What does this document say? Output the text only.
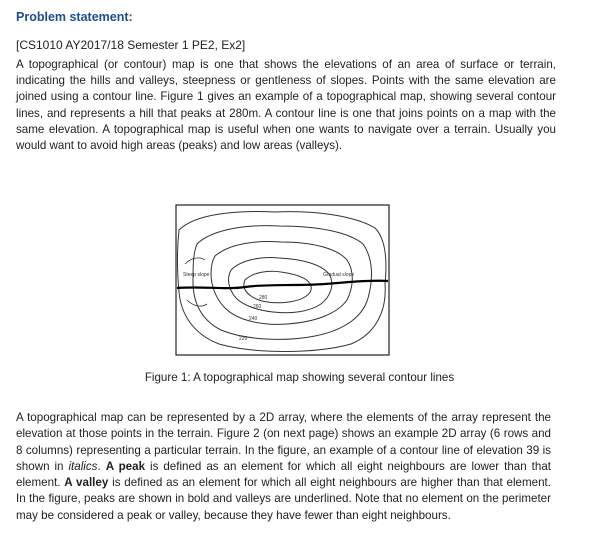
Problem statement:

[CS1010 AY2017/18 Semester 1 PE2, Ex2]

A topographical (or contour) map is one that shows the elevations of an area of surface or terrain, indicating the hills and valleys, steepness or gentleness of slopes. Points with the same elevation are joined using a contour line. Figure 1 gives an example of a topographical map, showing several contour lines, and represents a hill that peaks at 280m. A contour line is one that joins points on a map with the same elevation. A topographical map is useful when one wants to navigate over a terrain. Usually you would want to avoid high areas (peaks) and low areas (valleys).

Steep slope	Gradual slope
280
260
240
220
Figure 1: A topographical map showing several contour lines

A topographical map can be represented by a 2D array, where the elements of the array represent the elevation at those points in the terrain. Figure 2 (on next page) shows an example 2D array (6 rows and 8 columns) representing a particular terrain. In the figure, an example of a contour line of elevation 39 is shown in italics. A peak is defined as an element for which all eight neighbours are lower than that element. A valley is defined as an element for which all eight neighbours are higher than that element. In the figure, peaks are shown in bold and valleys are underlined. Note that no element on the perimeter may be considered a peak or valley, because they have fewer than eight neighbours.
